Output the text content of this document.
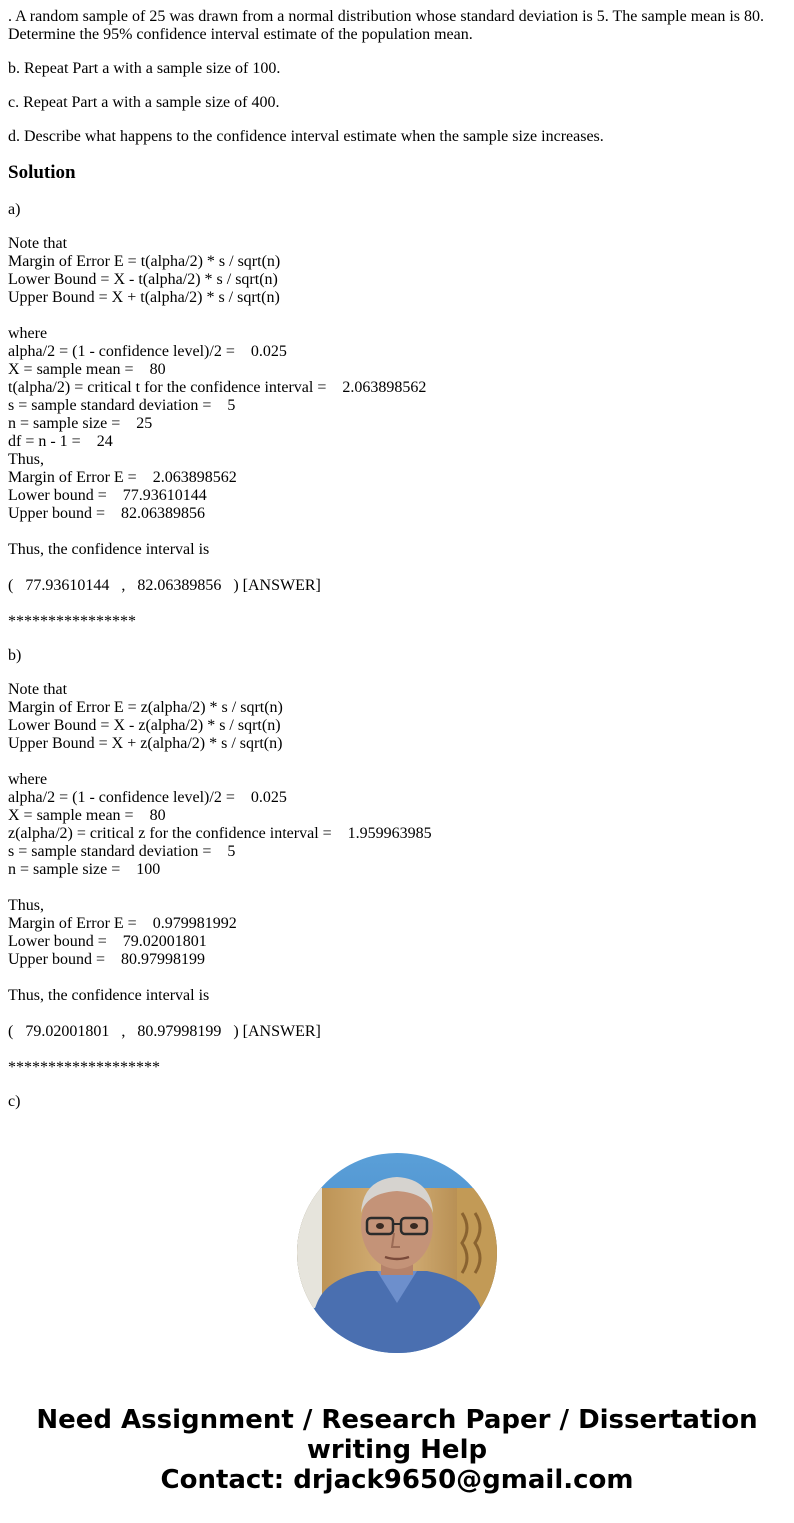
. A random sample of 25 was drawn from a normal distribution whose standard deviation is 5. The sample mean is 80. Determine the 95% confidence interval estimate of the population mean.

b. Repeat Part a with a sample size of 100.

c. Repeat Part a with a sample size of 400.

d. Describe what happens to the confidence interval estimate when the sample size increases.

Solution

a)

Note that
Margin of Error E = t(alpha/2) * s / sqrt(n)
Lower Bound = X - t(alpha/2) * s / sqrt(n)
Upper Bound = X + t(alpha/2) * s / sqrt(n)
where
alpha/2 = (1 - confidence level)/2 =    0.025
X = sample mean =    80
t(alpha/2) = critical t for the confidence interval =    2.063898562
s = sample standard deviation =    5
n = sample size =    25
df = n - 1 =    24
Thus,
Margin of Error E =    2.063898562
Lower bound =    77.93610144
Upper bound =    82.06389856
Thus, the confidence interval is
(   77.93610144   ,   82.06389856   ) [ANSWER]

****************

b)

Note that
Margin of Error E = z(alpha/2) * s / sqrt(n)
Lower Bound = X - z(alpha/2) * s / sqrt(n)
Upper Bound = X + z(alpha/2) * s / sqrt(n)
where
alpha/2 = (1 - confidence level)/2 =    0.025
X = sample mean =    80
z(alpha/2) = critical z for the confidence interval =    1.959963985
s = sample standard deviation =    5
n = sample size =    100
Thus,
Margin of Error E =    0.979981992
Lower bound =    79.02001801
Upper bound =    80.97998199
Thus, the confidence interval is
(   79.02001801   ,   80.97998199   ) [ANSWER]

*******************

c)

Need Assignment / Research Paper / Dissertation
writing Help
Contact: drjack9650@gmail.com
